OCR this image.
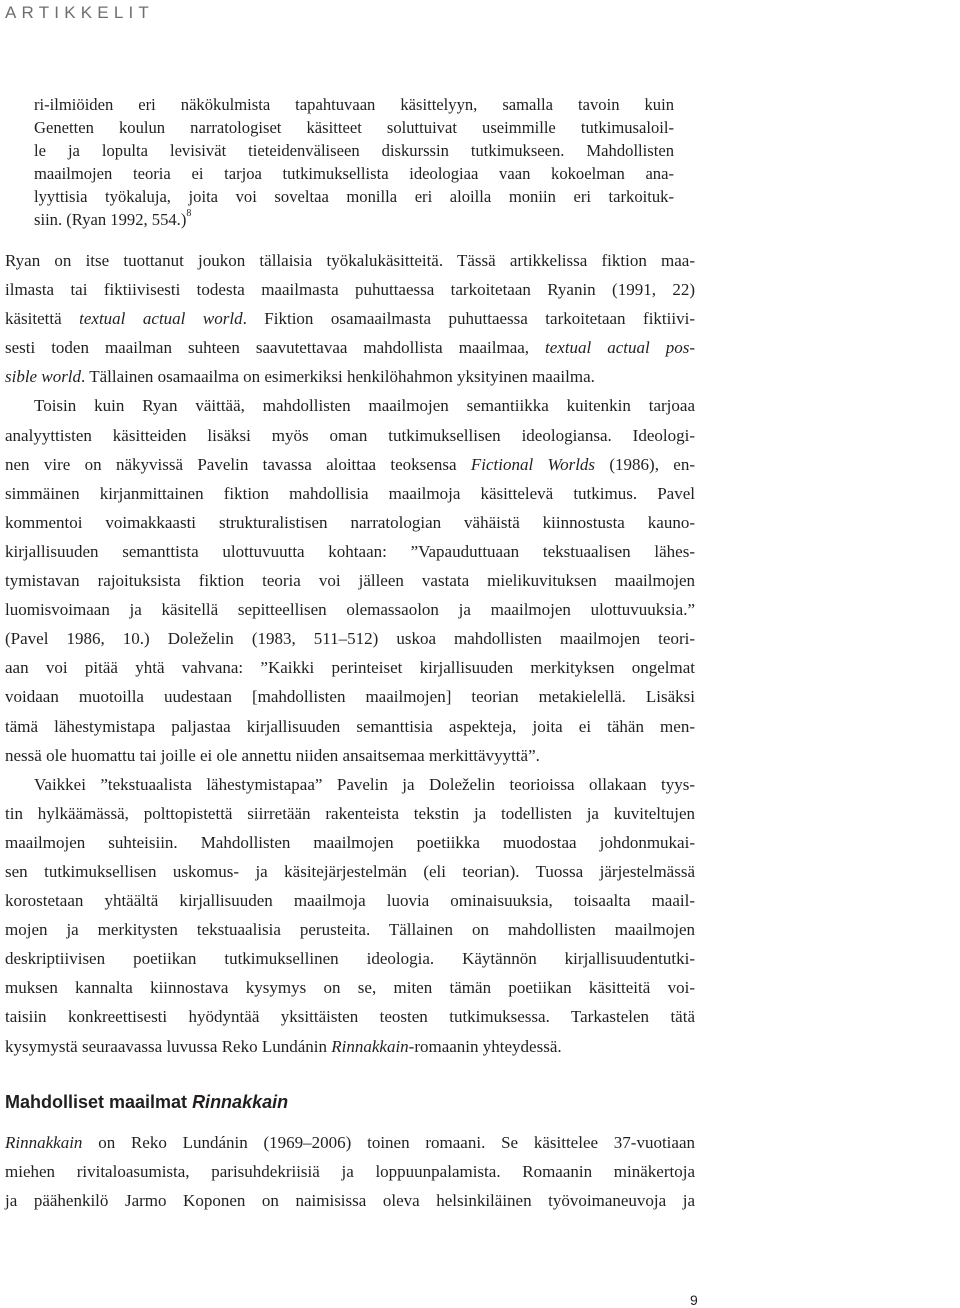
ARTIKKELIT
ri-ilmiöiden eri näkökulmista tapahtuvaan käsittelyyn, samalla tavoin kuin
Genetten koulun narratologiset käsitteet soluttuivat useimmille tutkimusaloil-
le ja lopulta levisivät tieteidenväliseen diskurssin tutkimukseen. Mahdollisten
maailmojen teoria ei tarjoa tutkimuksellista ideologiaa vaan kokoelman ana-
lyyttisia työkaluja, joita voi soveltaa monilla eri aloilla moniin eri tarkoituk-
siin. (Ryan 1992, 554.)$^8$

Ryan on itse tuottanut joukon tällaisia työkalukäsitteitä. Tässä artikkelissa fiktion maa-
ilmasta tai fiktiivisesti todesta maailmasta puhuttaessa tarkoitetaan Ryanin (1991, 22)
käsitettä textual actual world. Fiktion osamaailmasta puhuttaessa tarkoitetaan fiktiivi-
sesti toden maailman suhteen saavutettavaa mahdollista maailmaa, textual actual pos-
sible world. Tällainen osamaailma on esimerkiksi henkilöhahmon yksityinen maailma.

Toisin kuin Ryan väittää, mahdollisten maailmojen semantiikka kuitenkin tarjoaa
analyyttisten käsitteiden lisäksi myös oman tutkimuksellisen ideologiansa. Ideologi-
nen vire on näkyvissä Pavelin tavassa aloittaa teoksensa Fictional Worlds (1986), en-
simmäinen kirjanmittainen fiktion mahdollisia maailmoja käsittelevä tutkimus. Pavel
kommentoi voimakkaasti strukturalistisen narratologian vähäistä kiinnostusta kauno-
kirjallisuuden semanttista ulottuvuutta kohtaan: ”Vapauduttuaan tekstuaalisen lähes-
tymistavan rajoituksista fiktion teoria voi jälleen vastata mielikuvituksen maailmojen
luomisvoimaan ja käsitellä sepitteellisen olemassaolon ja maailmojen ulottuvuuksia.”
(Pavel 1986, 10.) Doleželin (1983, 511–512) uskoa mahdollisten maailmojen teori-
aan voi pitää yhtä vahvana: ”Kaikki perinteiset kirjallisuuden merkityksen ongelmat
voidaan muotoilla uudestaan [mahdollisten maailmojen] teorian metakielellä. Lisäksi
tämä lähestymistapa paljastaa kirjallisuuden semanttisia aspekteja, joita ei tähän men-
nessä ole huomattu tai joille ei ole annettu niiden ansaitsemaa merkittävyyttä”.

Vaikkei ”tekstuaalista lähestymistapaa” Pavelin ja Doleželin teorioissa ollakaan tyys-
tin hylkäämässä, polttopistettä siirretään rakenteista tekstin ja todellisten ja kuviteltujen
maailmojen suhteisiin. Mahdollisten maailmojen poetiikka muodostaa johdonmukai-
sen tutkimuksellisen uskomus- ja käsitejärjestelmän (eli teorian). Tuossa järjestelmässä
korostetaan yhtäältä kirjallisuuden maailmoja luovia ominaisuuksia, toisaalta maail-
mojen ja merkitysten tekstuaalisia perusteita. Tällainen on mahdollisten maailmojen
deskriptiivisen poetiikan tutkimuksellinen ideologia. Käytännön kirjallisuudentutki-
muksen kannalta kiinnostava kysymys on se, miten tämän poetiikan käsitteitä voi-
taisiin konkreettisesti hyödyntää yksittäisten teosten tutkimuksessa. Tarkastelen tätä
kysymystä seuraavassa luvussa Reko Lundánin Rinnakkain-romaanin yhteydessä.

Mahdolliset maailmat Rinnakkain

Rinnakkain on Reko Lundánin (1969–2006) toinen romaani. Se käsittelee 37-vuotiaan
miehen rivitaloasumista, parisuhdekriisiä ja loppuunpalamista. Romaanin minäkertoja
ja päähenkilö Jarmo Koponen on naimisissa oleva helsinkiläinen työvoimaneuvoja ja

9
